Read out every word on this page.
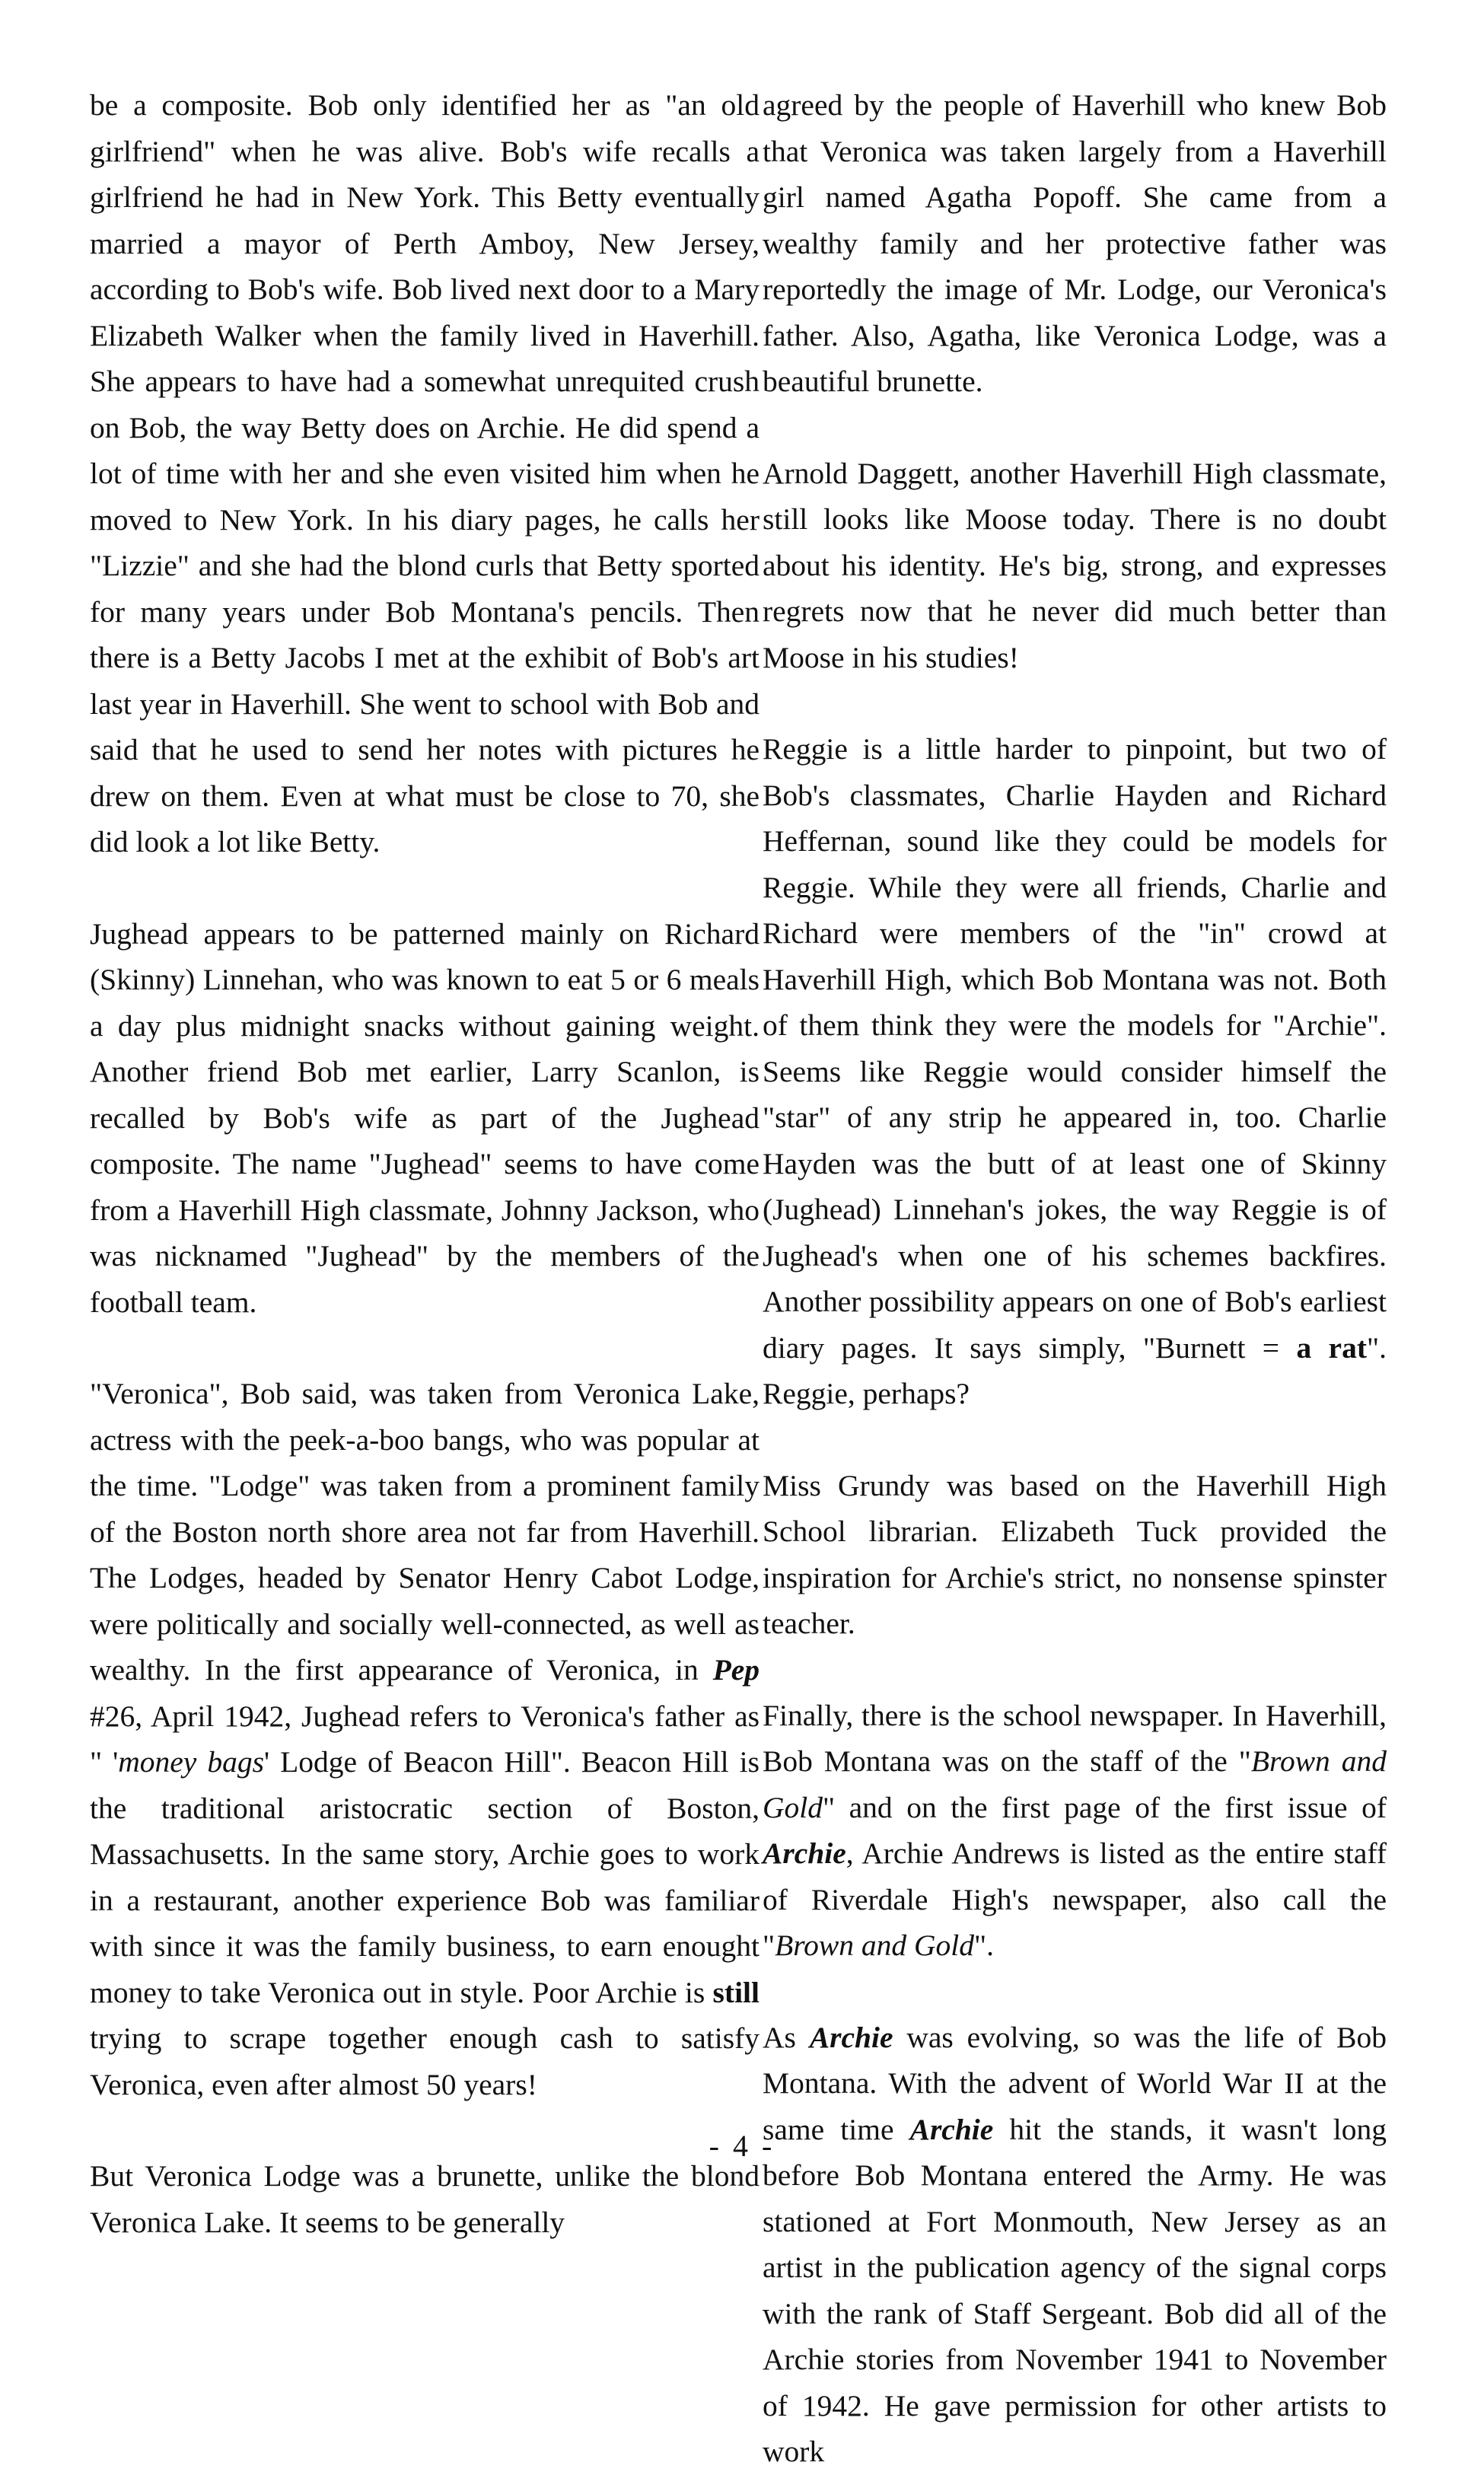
be a composite. Bob only identified her as "an old girlfriend" when he was alive. Bob's wife recalls a girlfriend he had in New York. This Betty eventually married a mayor of Perth Amboy, New Jersey, according to Bob's wife. Bob lived next door to a Mary Elizabeth Walker when the family lived in Haverhill. She appears to have had a somewhat unrequited crush on Bob, the way Betty does on Archie. He did spend a lot of time with her and she even visited him when he moved to New York. In his diary pages, he calls her "Lizzie" and she had the blond curls that Betty sported for many years under Bob Montana's pencils. Then there is a Betty Jacobs I met at the exhibit of Bob's art last year in Haverhill. She went to school with Bob and said that he used to send her notes with pictures he drew on them. Even at what must be close to 70, she did look a lot like Betty.

Jughead appears to be patterned mainly on Richard (Skinny) Linnehan, who was known to eat 5 or 6 meals a day plus midnight snacks without gaining weight. Another friend Bob met earlier, Larry Scanlon, is recalled by Bob's wife as part of the Jughead composite. The name "Jughead" seems to have come from a Haverhill High classmate, Johnny Jackson, who was nicknamed "Jughead" by the members of the football team.

"Veronica", Bob said, was taken from Veronica Lake, actress with the peek-a-boo bangs, who was popular at the time. "Lodge" was taken from a prominent family of the Boston north shore area not far from Haverhill. The Lodges, headed by Senator Henry Cabot Lodge, were politically and socially well-connected, as well as wealthy. In the first appearance of Veronica, in Pep #26, April 1942, Jughead refers to Veronica's father as " 'money bags' Lodge of Beacon Hill". Beacon Hill is the traditional aristocratic section of Boston, Massachusetts. In the same story, Archie goes to work in a restaurant, another experience Bob was familiar with since it was the family business, to earn enought money to take Veronica out in style. Poor Archie is still trying to scrape together enough cash to satisfy Veronica, even after almost 50 years!

But Veronica Lodge was a brunette, unlike the blond Veronica Lake. It seems to be generally

agreed by the people of Haverhill who knew Bob that Veronica was taken largely from a Haverhill girl named Agatha Popoff. She came from a wealthy family and her protective father was reportedly the image of Mr. Lodge, our Veronica's father. Also, Agatha, like Veronica Lodge, was a beautiful brunette.

Arnold Daggett, another Haverhill High classmate, still looks like Moose today. There is no doubt about his identity. He's big, strong, and expresses regrets now that he never did much better than Moose in his studies!

Reggie is a little harder to pinpoint, but two of Bob's classmates, Charlie Hayden and Richard Heffernan, sound like they could be models for Reggie. While they were all friends, Charlie and Richard were members of the "in" crowd at Haverhill High, which Bob Montana was not. Both of them think they were the models for "Archie". Seems like Reggie would consider himself the "star" of any strip he appeared in, too. Charlie Hayden was the butt of at least one of Skinny (Jughead) Linnehan's jokes, the way Reggie is of Jughead's when one of his schemes backfires. Another possibility appears on one of Bob's earliest diary pages. It says simply, "Burnett = a rat". Reggie, perhaps?

Miss Grundy was based on the Haverhill High School librarian. Elizabeth Tuck provided the inspiration for Archie's strict, no nonsense spinster teacher.

Finally, there is the school newspaper. In Haverhill, Bob Montana was on the staff of the "Brown and Gold" and on the first page of the first issue of Archie, Archie Andrews is listed as the entire staff of Riverdale High's newspaper, also call the "Brown and Gold".

As Archie was evolving, so was the life of Bob Montana. With the advent of World War II at the same time Archie hit the stands, it wasn't long before Bob Montana entered the Army. He was stationed at Fort Monmouth, New Jersey as an artist in the publication agency of the signal corps with the rank of Staff Sergeant. Bob did all of the Archie stories from November 1941 to November of 1942. He gave permission for other artists to work

- 4 -
